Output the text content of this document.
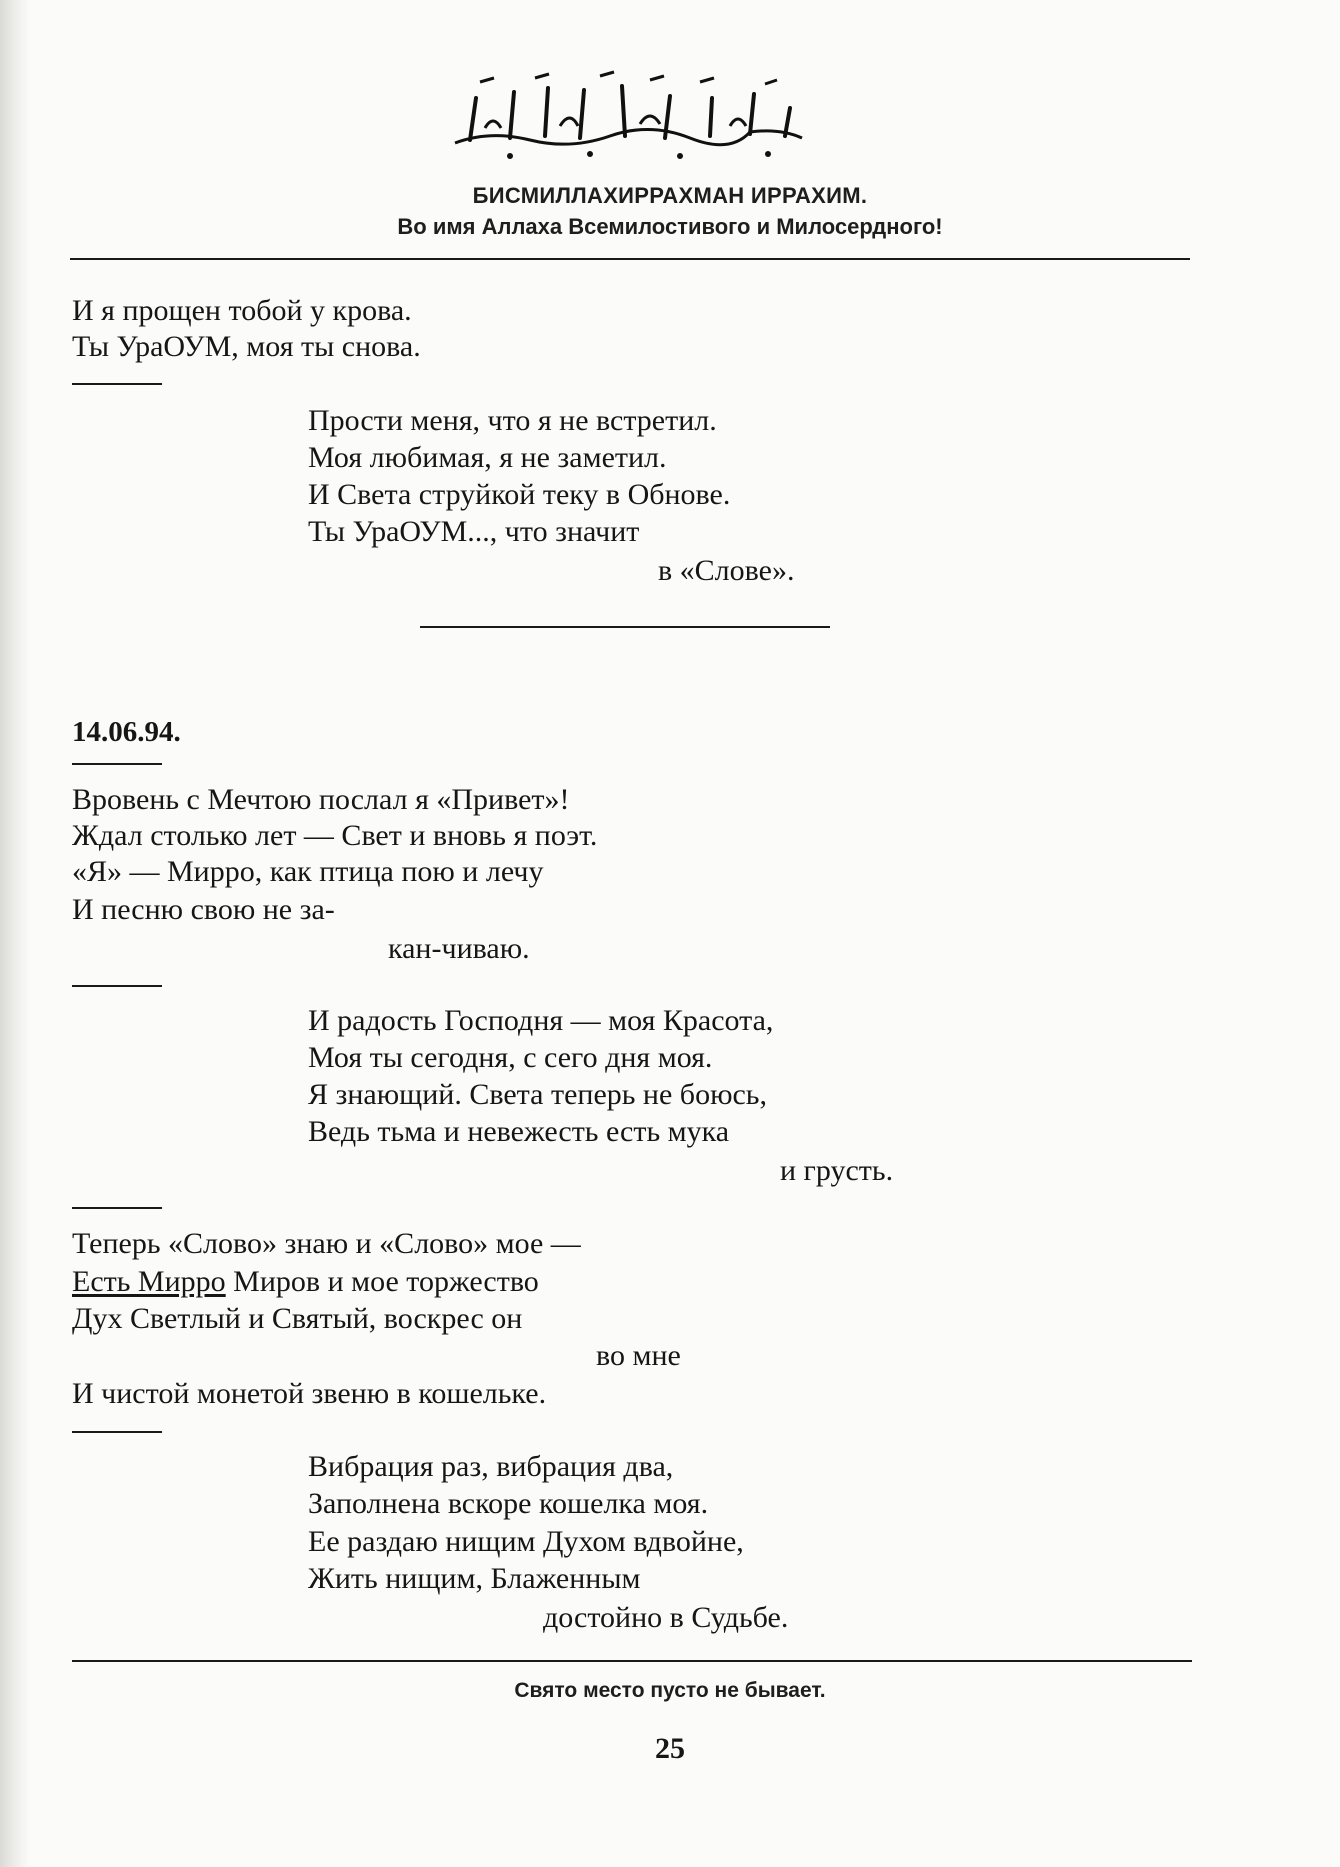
بِسْمِ ٱللَّٰهِ ٱلرَّحْمَٰنِ ٱلرَّحِيمِ
БИСМИЛЛАХИРРАХМАН ИРРАХИМ.
Во имя Аллаха Всемилостивого и Милосердного!
И я прощен тобой у крова.
Ты УраОУМ, моя ты снова.
Прости меня, что я не встретил.
Моя любимая, я не заметил.
И Света струйкой теку в Обнове.
Ты УраОУМ..., что значит
в «Слове».
14.06.94.
Вровень с Мечтою послал я «Привет»!
Ждал столько лет — Свет и вновь я поэт.
«Я» — Мирро, как птица пою и лечу
И песню свою не за-
кан-чиваю.
И радость Господня — моя Красота,
Моя ты сегодня, с сего дня моя.
Я знающий. Света теперь не боюсь,
Ведь тьма и невежесть есть мука
и грусть.
Теперь «Слово» знаю и «Слово» мое —
Есть Мирро Миров и мое торжество
Дух Светлый и Святый, воскрес он
во мне
И чистой монетой звеню в кошельке.
Вибрация раз, вибрация два,
Заполнена вскоре кошелка моя.
Ее раздаю нищим Духом вдвойне,
Жить нищим, Блаженным
достойно в Судьбе.
Свято место пусто не бывает.
25
